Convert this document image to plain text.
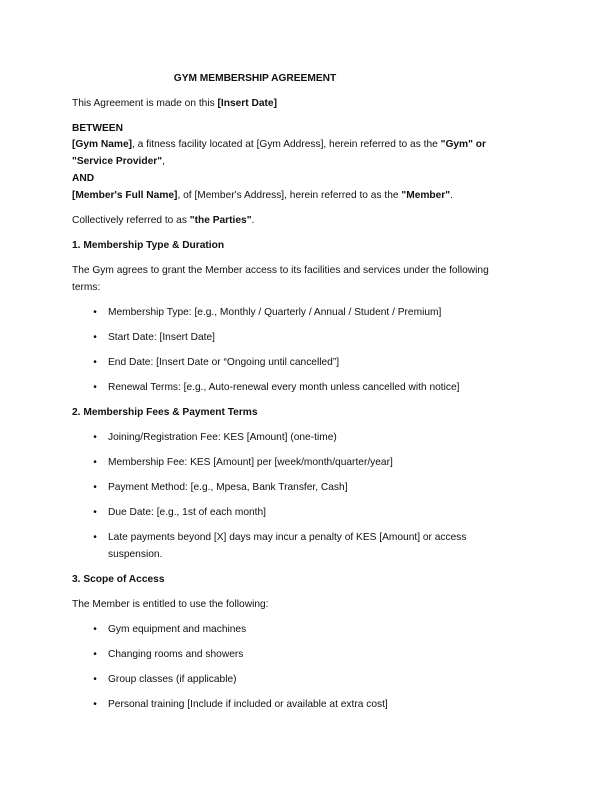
GYM MEMBERSHIP AGREEMENT
This Agreement is made on this [Insert Date]
BETWEEN
[Gym Name], a fitness facility located at [Gym Address], herein referred to as the "Gym" or
"Service Provider",
AND
[Member's Full Name], of [Member's Address], herein referred to as the "Member".
Collectively referred to as "the Parties".
1. Membership Type & Duration
The Gym agrees to grant the Member access to its facilities and services under the following
terms:
• Membership Type: [e.g., Monthly / Quarterly / Annual / Student / Premium]
• Start Date: [Insert Date]
• End Date: [Insert Date or “Ongoing until cancelled”]
• Renewal Terms: [e.g., Auto-renewal every month unless cancelled with notice]
2. Membership Fees & Payment Terms
• Joining/Registration Fee: KES [Amount] (one-time)
• Membership Fee: KES [Amount] per [week/month/quarter/year]
• Payment Method: [e.g., Mpesa, Bank Transfer, Cash]
• Due Date: [e.g., 1st of each month]
• Late payments beyond [X] days may incur a penalty of KES [Amount] or access
suspension.
3. Scope of Access
The Member is entitled to use the following:
• Gym equipment and machines
• Changing rooms and showers
• Group classes (if applicable)
• Personal training [Include if included or available at extra cost]
